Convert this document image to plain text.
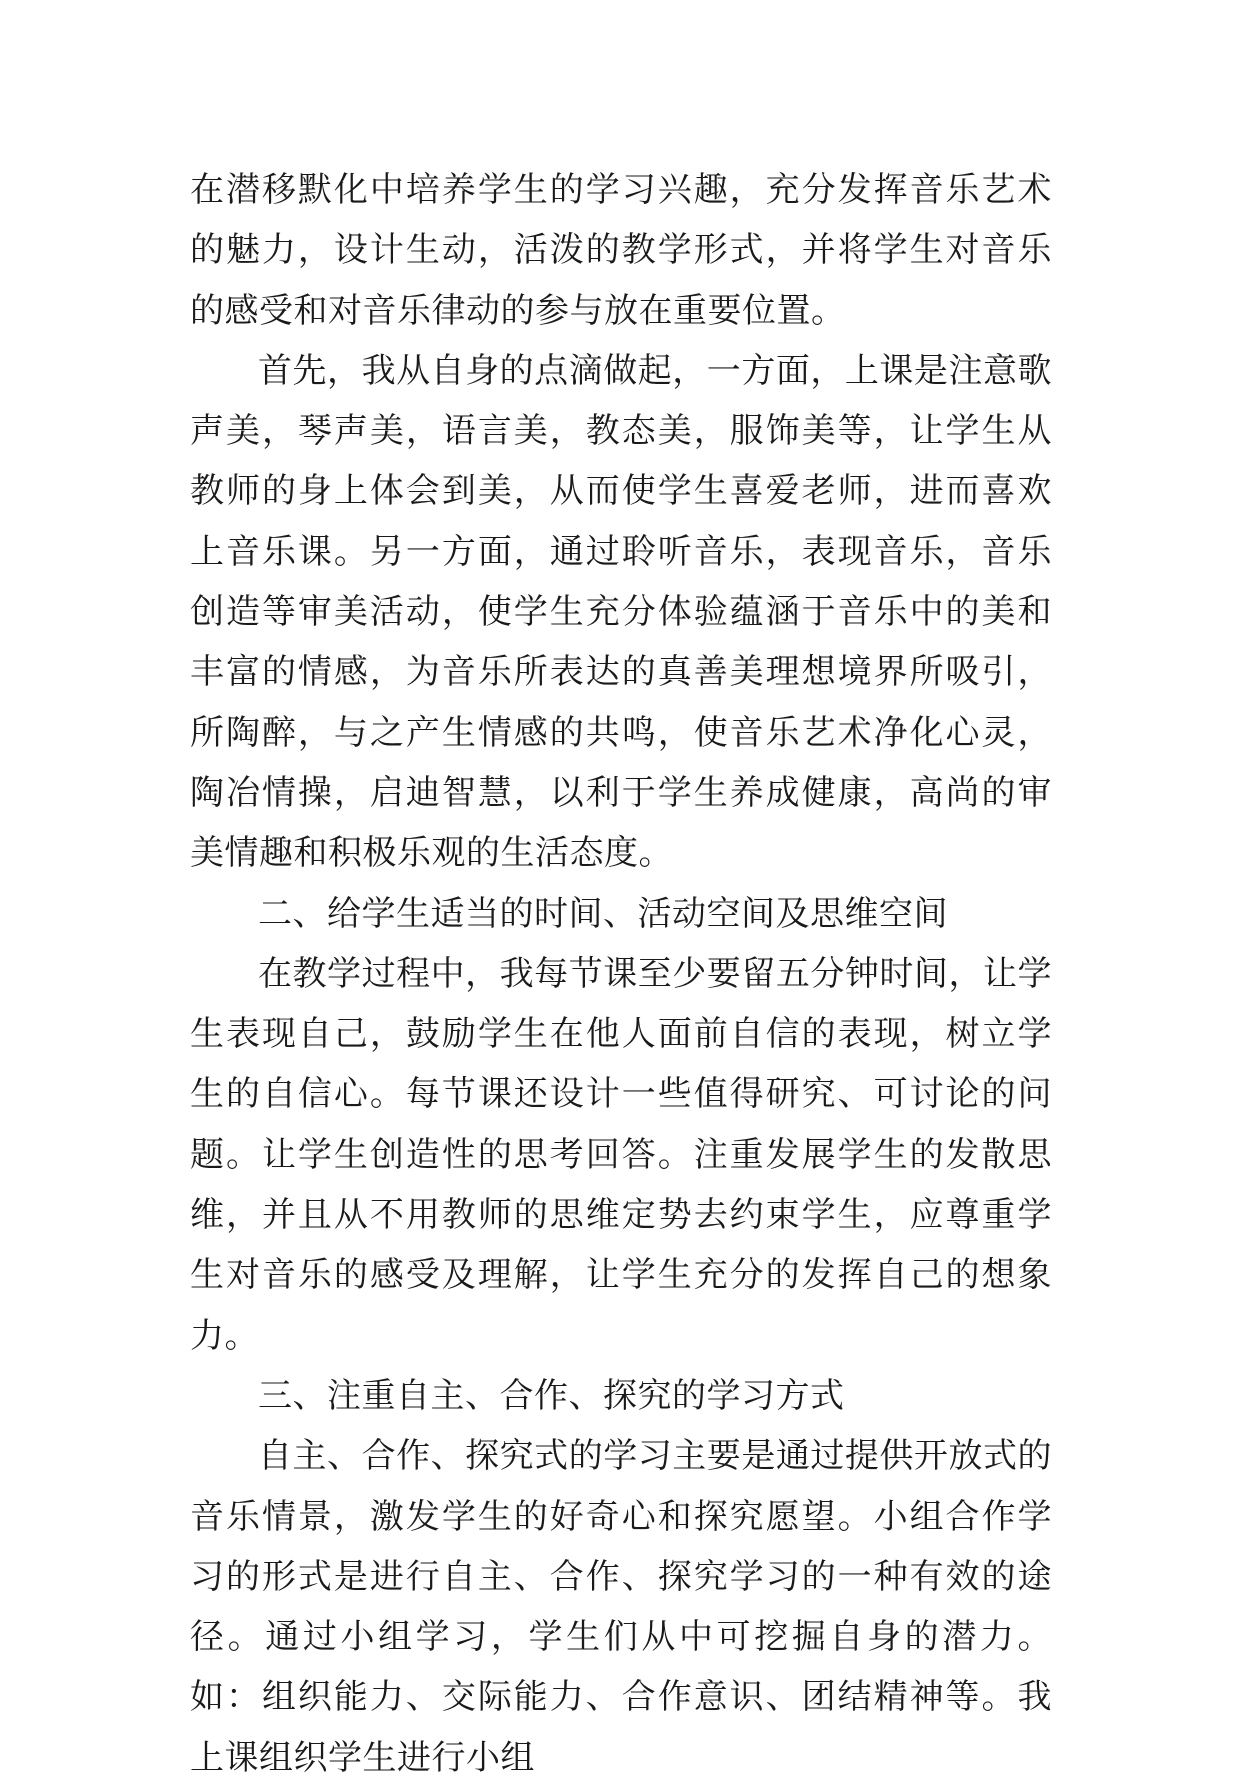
在潜移默化中培养学生的学习兴趣，充分发挥音乐艺术的魅力，设计生动，活泼的教学形式，并将学生对音乐的感受和对音乐律动的参与放在重要位置。

首先，我从自身的点滴做起，一方面，上课是注意歌声美，琴声美，语言美，教态美，服饰美等，让学生从教师的身上体会到美，从而使学生喜爱老师，进而喜欢上音乐课。另一方面，通过聆听音乐，表现音乐，音乐创造等审美活动，使学生充分体验蕴涵于音乐中的美和丰富的情感，为音乐所表达的真善美理想境界所吸引，所陶醉，与之产生情感的共鸣，使音乐艺术净化心灵，陶冶情操，启迪智慧，以利于学生养成健康，高尚的审美情趣和积极乐观的生活态度。

二、给学生适当的时间、活动空间及思维空间

在教学过程中，我每节课至少要留五分钟时间，让学生表现自己，鼓励学生在他人面前自信的表现，树立学生的自信心。每节课还设计一些值得研究、可讨论的问题。让学生创造性的思考回答。注重发展学生的发散思维，并且从不用教师的思维定势去约束学生，应尊重学生对音乐的感受及理解，让学生充分的发挥自己的想象力。

三、注重自主、合作、探究的学习方式

自主、合作、探究式的学习主要是通过提供开放式的音乐情景，激发学生的好奇心和探究愿望。小组合作学习的形式是进行自主、合作、探究学习的一种有效的途径。通过小组学习，学生们从中可挖掘自身的潜力。如：组织能力、交际能力、合作意识、团结精神等。我上课组织学生进行小组
